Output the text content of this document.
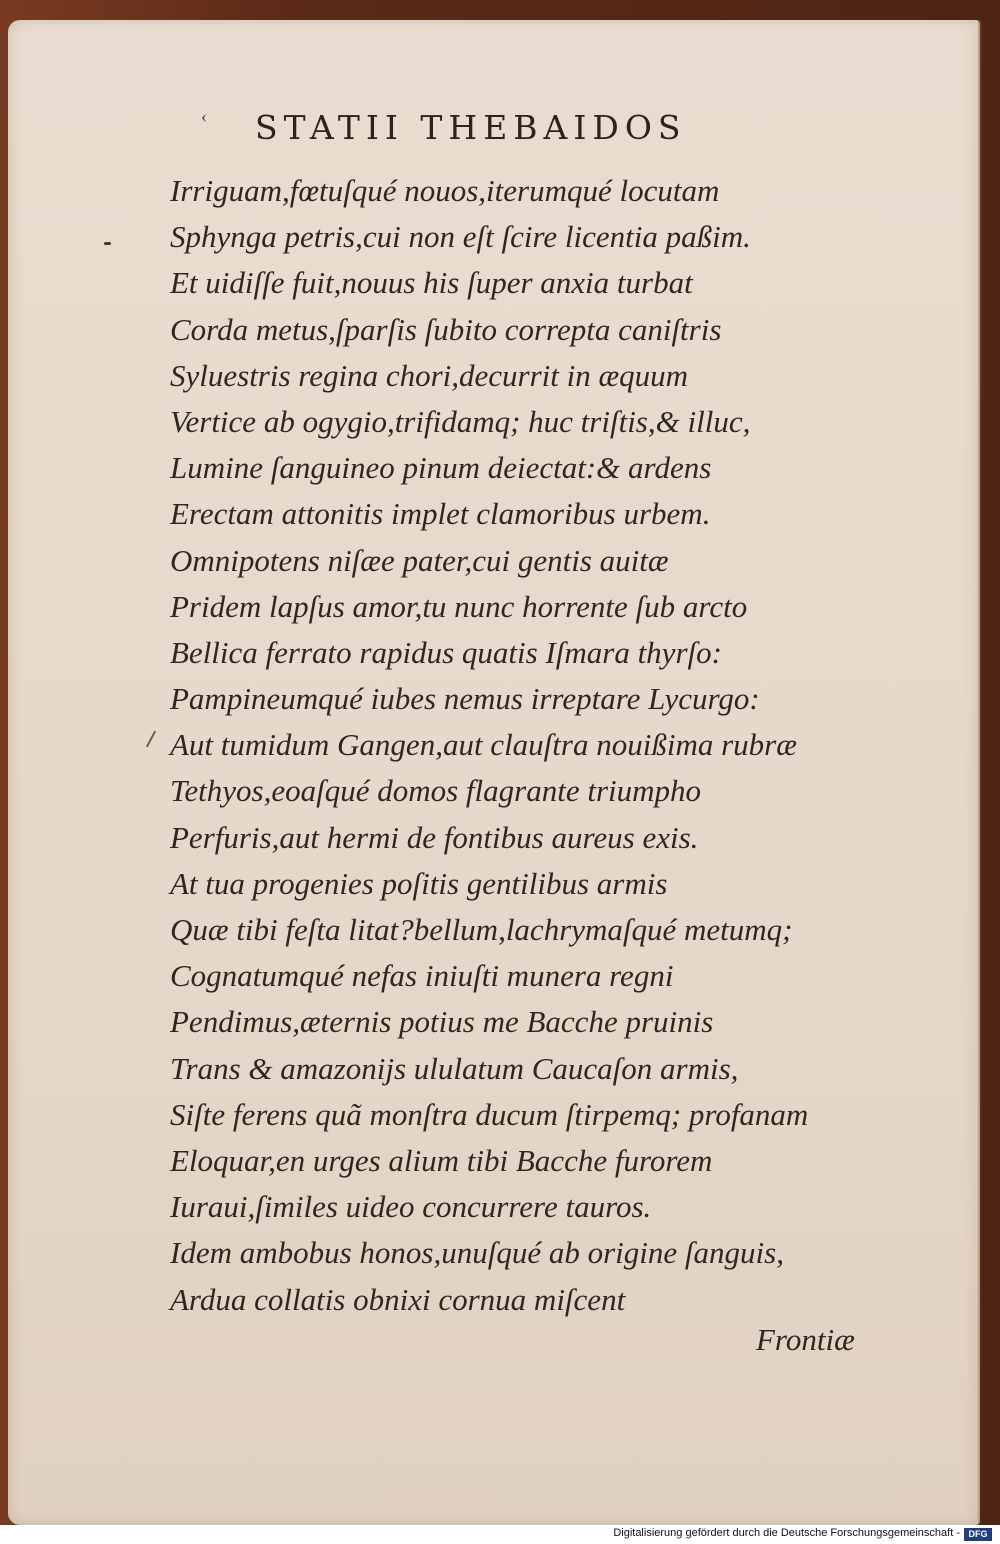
‹ STATII THEBAIDOS
Irriguam,fœtuſqué nouos,iterumqué locutam
Sphynga petris,cui non eſt ſcire licentia paßim.
Et uidiſſe fuit,nouus his ſuper anxia turbat
Corda metus,ſparſis ſubito correpta caniſtris
Syluestris regina chori,decurrit in æquum
Vertice ab ogygio,trifidamq; huc triſtis,& illuc,
Lumine ſanguineo pinum deiectat:& ardens
Erectam attonitis implet clamoribus urbem.
Omnipotens niſæe pater,cui gentis auitæ
Pridem lapſus amor,tu nunc horrente ſub arcto
Bellica ferrato rapidus quatis Iſmara thyrſo:
Pampineumqué iubes nemus irreptare Lycurgo:
Aut tumidum Gangen,aut clauſtra nouißima rubræ
Tethyos,eoaſqué domos flagrante triumpho
Perfuris,aut hermi de fontibus aureus exis.
At tua progenies poſitis gentilibus armis
Quæ tibi feſta litat?bellum,lachrymaſqué metumq;
Cognatumqué nefas iniuſti munera regni
Pendimus,æternis potius me Bacche pruinis
Trans & amazonijs ululatum Caucaſon armis,
Siſte ferens quã monſtra ducum ſtirpemq; profanam
Eloquar,en urges alium tibi Bacche furorem
Iuraui,ſimiles uideo concurrere tauros.
Idem ambobus honos,unuſqué ab origine ſanguis,
Ardua collatis obnixi cornua miſcent
Frontiæ
Digitalisierung gefördert durch die Deutsche Forschungsgemeinschaft - DFG
